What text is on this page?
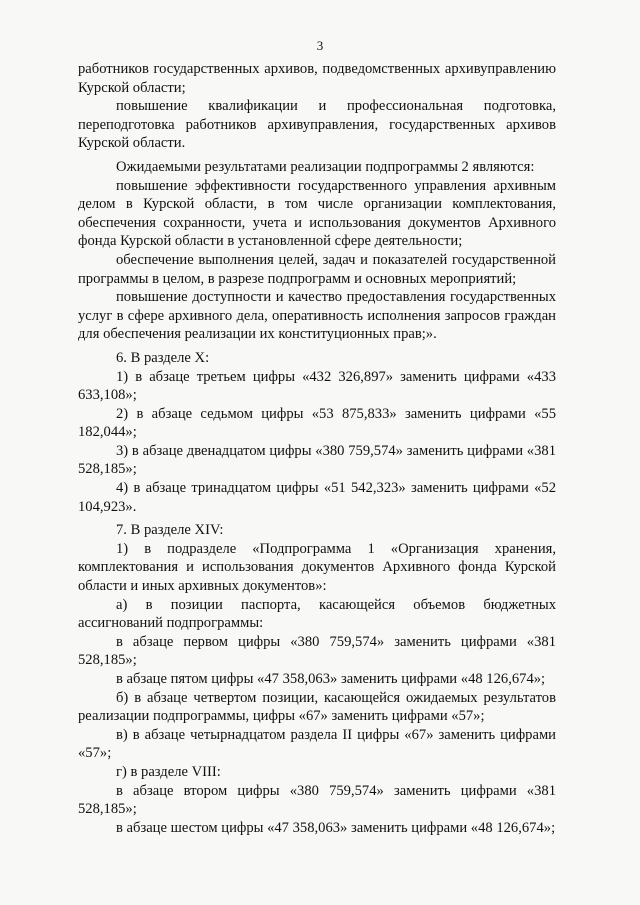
3

работников государственных архивов, подведомственных архивуправлению Курской области;

повышение квалификации и профессиональная подготовка, переподготовка работников архивуправления, государственных архивов Курской области.

Ожидаемыми результатами реализации подпрограммы 2 являются:

повышение эффективности государственного управления архивным делом в Курской области, в том числе организации комплектования, обеспечения сохранности, учета и использования документов Архивного фонда Курской области в установленной сфере деятельности;

обеспечение выполнения целей, задач и показателей государственной программы в целом, в разрезе подпрограмм и основных мероприятий;

повышение доступности и качество предоставления государственных услуг в сфере архивного дела, оперативность исполнения запросов граждан для обеспечения реализации их конституционных прав;».

6. В разделе X:

1) в абзаце третьем цифры «432 326,897» заменить цифрами «433 633,108»;

2) в абзаце седьмом цифры «53 875,833» заменить цифрами «55 182,044»;

3) в абзаце двенадцатом цифры «380 759,574» заменить цифрами «381 528,185»;

4) в абзаце тринадцатом цифры «51 542,323» заменить цифрами «52 104,923».

7. В разделе XIV:

1) в подразделе «Подпрограмма 1 «Организация хранения, комплектования и использования документов Архивного фонда Курской области и иных архивных документов»:

а) в позиции паспорта, касающейся объемов бюджетных ассигнований подпрограммы:

в абзаце первом цифры «380 759,574» заменить цифрами «381 528,185»;

в абзаце пятом цифры «47 358,063» заменить цифрами «48 126,674»;

б) в абзаце четвертом позиции, касающейся ожидаемых результатов реализации подпрограммы, цифры «67» заменить цифрами «57»;

в) в абзаце четырнадцатом раздела II цифры «67» заменить цифрами «57»;

г) в разделе VIII:

в абзаце втором цифры «380 759,574» заменить цифрами «381 528,185»;

в абзаце шестом цифры «47 358,063» заменить цифрами «48 126,674»;
